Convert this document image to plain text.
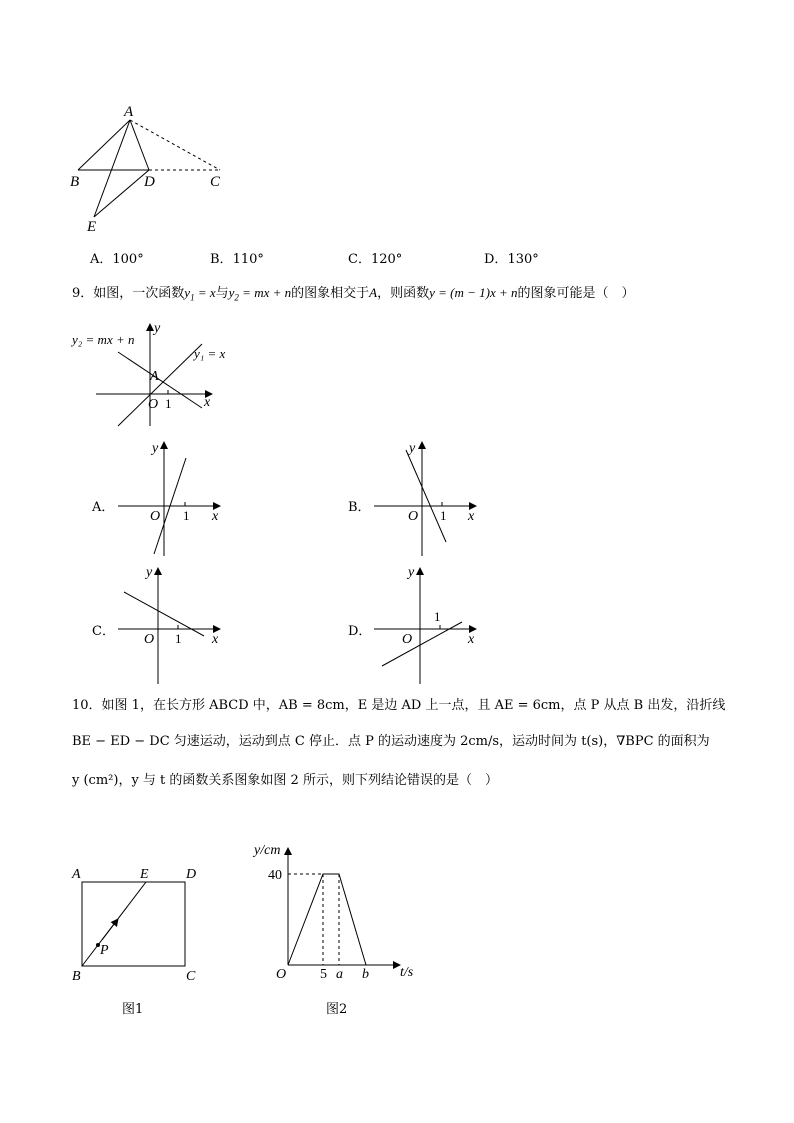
A
B	D	C
E
A．100°	B．110°	C．120°	D．130°
9．如图，一次函数$y_1 = x$与$y_2$ = mx + n的图象相交于A，则函数y = (m − 1)x + n的图象可能是（　）
y
y₂ = mx + n
y₁ = x
A
O 1 x
A．
y
O 1 x
B．
y
O 1 x
C．
y
O 1 x
D．
y
O
1
x
10．如图 1，在长方形 ABCD 中，AB = 8cm，E 是边 AD 上一点，且 AE = 6cm，点 P 从点 B 出发，沿折线
BE − ED − DC 匀速运动，运动到点 C 停止．点 P 的运动速度为 2cm/s，运动时间为 t(s)，∇BPC 的面积为
y (cm²)，y 与 t 的函数关系图象如图 2 所示，则下列结论错误的是（　）
A	E	D
P
B	C
图1
y/cm
40
O 5 a b t/s
图2
